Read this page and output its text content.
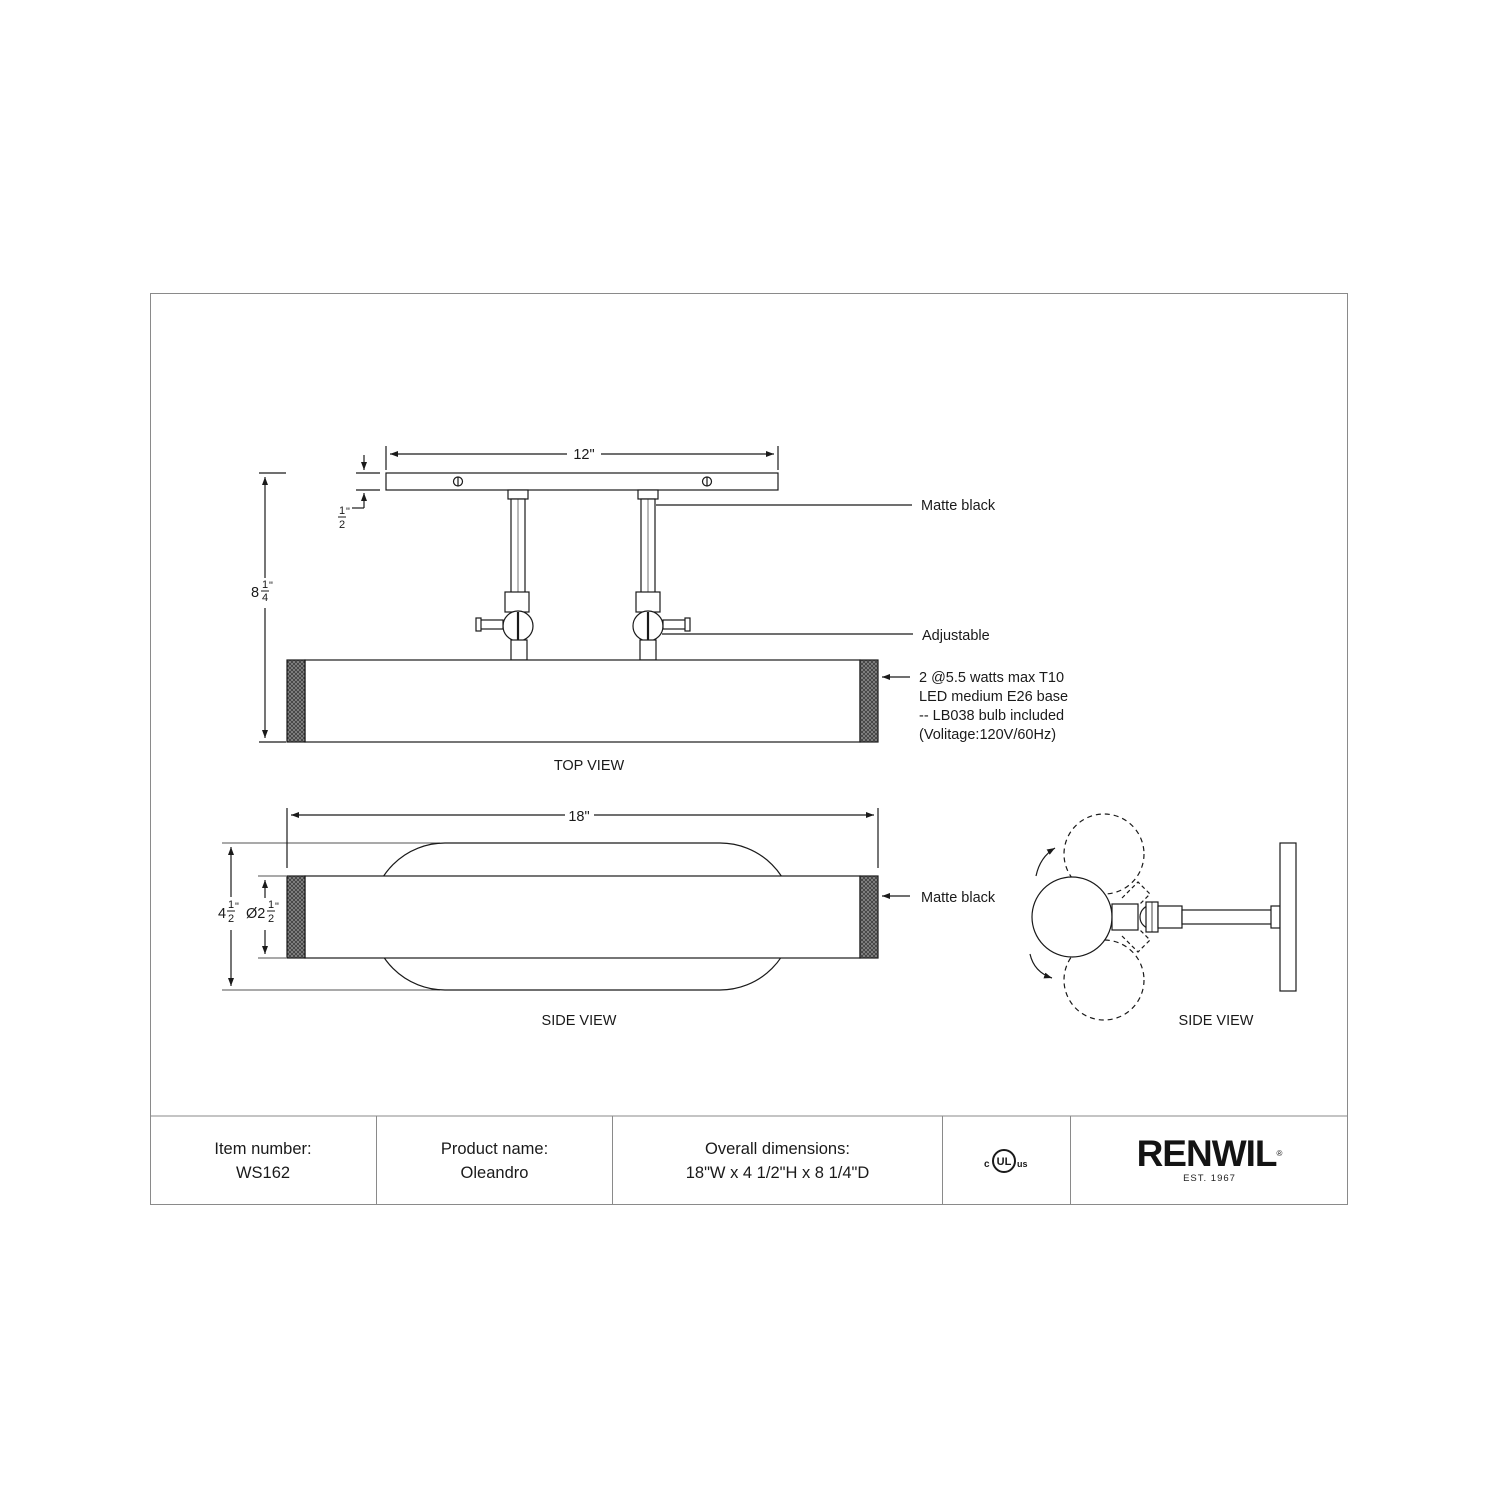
12"
8 1
4
"
1
2
"	Matte black
Adjustable
2 @5.5 watts max T10
LED medium E26 base
-- LB038 bulb included
(Volitage:120V/60Hz)
TOP VIEW
18"
4
1
2
" Ø2
1
2
"
Matte black
SIDE VIEW	SIDE VIEW
Item number:
WS162
Product name:
Oleandro
Overall dimensions:
18"W x 4 1/2"H x 8 1/4"D	c UL us	RENWIL®
EST. 1967
